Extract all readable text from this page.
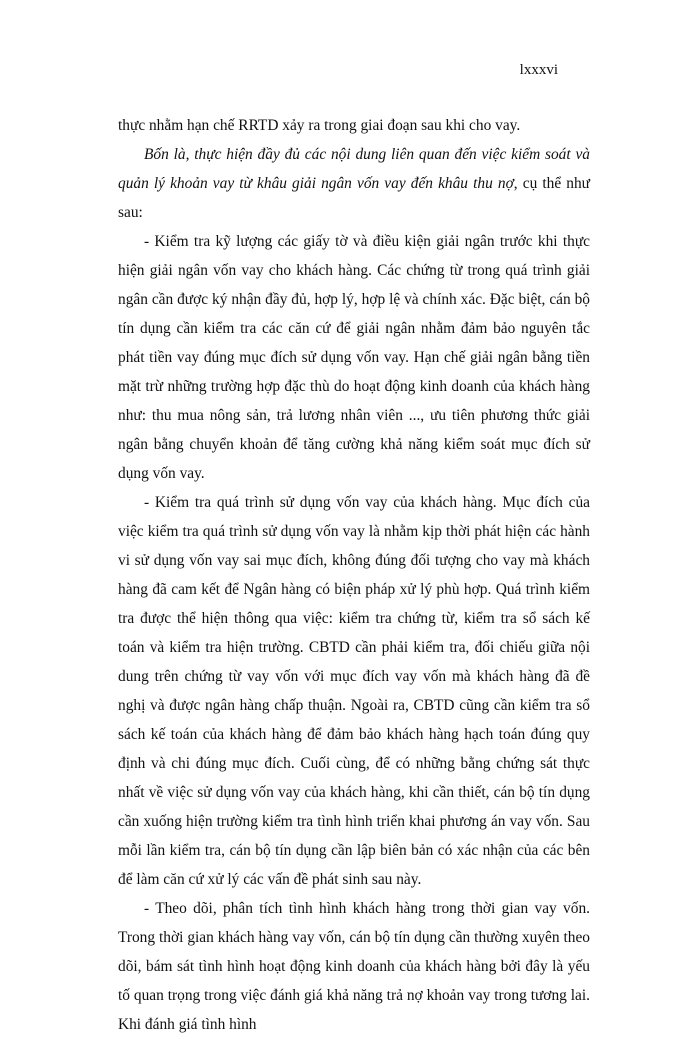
lxxxvi

thực nhằm hạn chế RRTD xảy ra trong giai đoạn sau khi cho vay.

Bốn là, thực hiện đầy đủ các nội dung liên quan đến việc kiểm soát và quản lý khoản vay từ khâu giải ngân vốn vay đến khâu thu nợ, cụ thể như sau:

- Kiểm tra kỹ lượng các giấy tờ và điều kiện giải ngân trước khi thực hiện giải ngân vốn vay cho khách hàng. Các chứng từ trong quá trình giải ngân cần được ký nhận đầy đủ, hợp lý, hợp lệ và chính xác. Đặc biệt, cán bộ tín dụng cần kiểm tra các căn cứ để giải ngân nhằm đảm bảo nguyên tắc phát tiền vay đúng mục đích sử dụng vốn vay. Hạn chế giải ngân bằng tiền mặt trừ những trường hợp đặc thù do hoạt động kinh doanh của khách hàng như: thu mua nông sản, trả lương nhân viên ..., ưu tiên phương thức giải ngân bằng chuyển khoản để tăng cường khả năng kiểm soát mục đích sử dụng vốn vay.

- Kiểm tra quá trình sử dụng vốn vay của khách hàng. Mục đích của việc kiểm tra quá trình sử dụng vốn vay là nhằm kịp thời phát hiện các hành vi sử dụng vốn vay sai mục đích, không đúng đối tượng cho vay mà khách hàng đã cam kết để Ngân hàng có biện pháp xử lý phù hợp. Quá trình kiểm tra được thể hiện thông qua việc: kiểm tra chứng từ, kiểm tra sổ sách kế toán và kiểm tra hiện trường. CBTD cần phải kiểm tra, đối chiếu giữa nội dung trên chứng từ vay vốn với mục đích vay vốn mà khách hàng đã đề nghị và được ngân hàng chấp thuận. Ngoài ra, CBTD cũng cần kiểm tra sổ sách kế toán của khách hàng để đảm bảo khách hàng hạch toán đúng quy định và chi đúng mục đích. Cuối cùng, để có những bằng chứng sát thực nhất về việc sử dụng vốn vay của khách hàng, khi cần thiết, cán bộ tín dụng cần xuống hiện trường kiểm tra tình hình triển khai phương án vay vốn. Sau mỗi lần kiểm tra, cán bộ tín dụng cần lập biên bản có xác nhận của các bên để làm căn cứ xử lý các vấn đề phát sinh sau này.

- Theo dõi, phân tích tình hình khách hàng trong thời gian vay vốn. Trong thời gian khách hàng vay vốn, cán bộ tín dụng cần thường xuyên theo dõi, bám sát tình hình hoạt động kinh doanh của khách hàng bởi đây là yếu tố quan trọng trong việc đánh giá khả năng trả nợ khoản vay trong tương lai. Khi đánh giá tình hình
